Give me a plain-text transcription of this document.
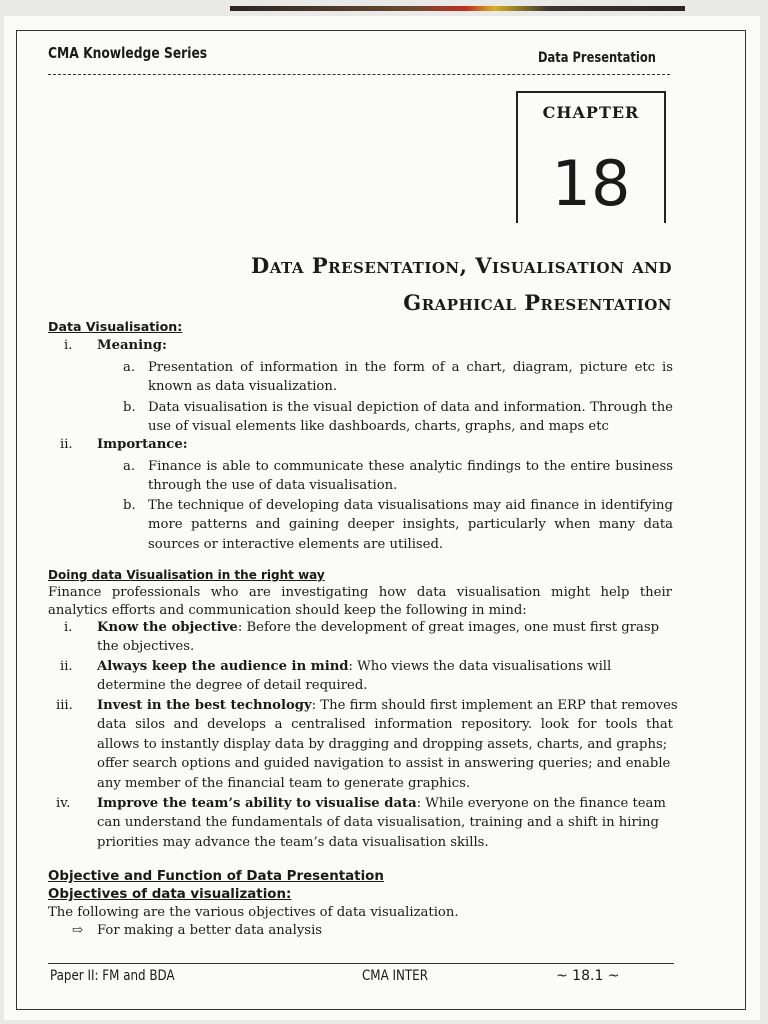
CMA Knowledge Series	Data Presentation
CHAPTER
18
Data Presentation, Visualisation and
Graphical Presentation
Data Visualisation:
i. Meaning:
a. Presentation of information in the form of a chart, diagram, picture etc is
known as data visualization.
b. Data visualisation is the visual depiction of data and information. Through the
use of visual elements like dashboards, charts, graphs, and maps etc
ii. Importance:
a. Finance is able to communicate these analytic findings to the entire business
through the use of data visualisation.
b. The technique of developing data visualisations may aid finance in identifying
more patterns and gaining deeper insights, particularly when many data
sources or interactive elements are utilised.
Doing data Visualisation in the right way
Finance professionals who are investigating how data visualisation might help their
analytics efforts and communication should keep the following in mind:
i. Know the objective: Before the development of great images, one must first grasp
the objectives.
ii. Always keep the audience in mind: Who views the data visualisations will
determine the degree of detail required.
iii. Invest in the best technology: The firm should first implement an ERP that removes
data silos and develops a centralised information repository. look for tools that
allows to instantly display data by dragging and dropping assets, charts, and graphs;
offer search options and guided navigation to assist in answering queries; and enable
any member of the financial team to generate graphics.
iv. Improve the team’s ability to visualise data: While everyone on the finance team
can understand the fundamentals of data visualisation, training and a shift in hiring
priorities may advance the team’s data visualisation skills.
Objective and Function of Data Presentation
Objectives of data visualization:
The following are the various objectives of data visualization.
⇨ For making a better data analysis
Paper II: FM and BDA	CMA INTER	~ 18.1 ~
